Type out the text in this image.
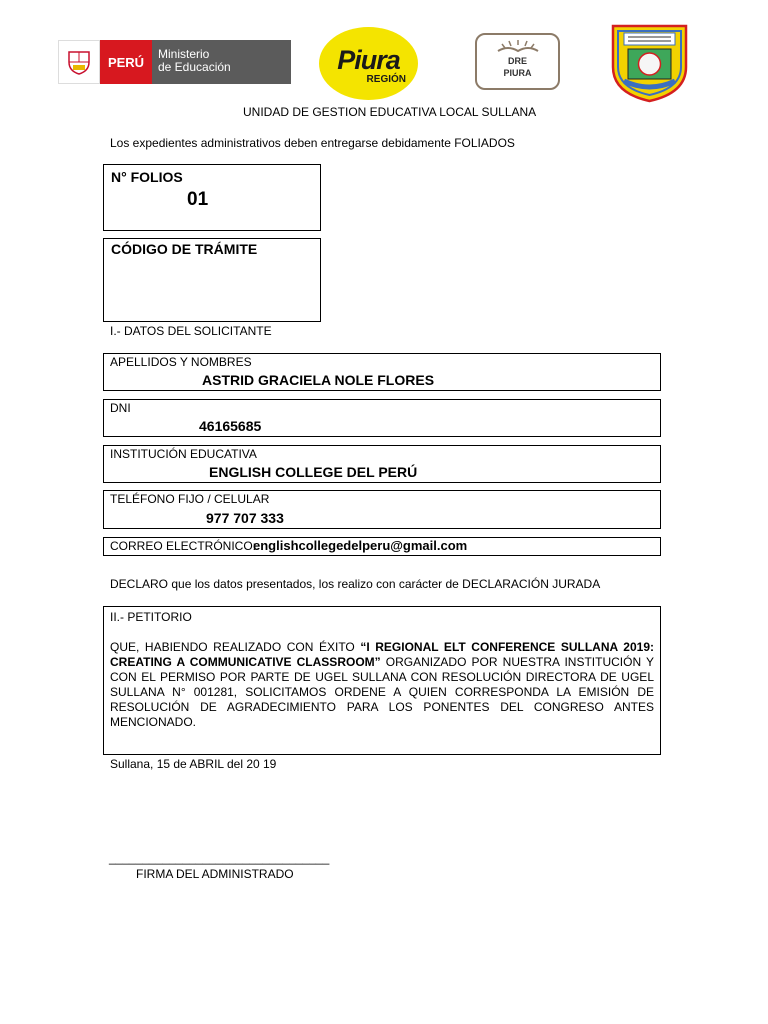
PERÚ
Ministerio
de Educación	Piura
REGIÓN
DRE
PIURA
UNIDAD DE GESTION EDUCATIVA LOCAL SULLANA
Los expedientes administrativos deben entregarse debidamente FOLIADOS
N° FOLIOS
01
CÓDIGO DE TRÁMITE
I.- DATOS DEL SOLICITANTE
APELLIDOS Y NOMBRES
ASTRID GRACIELA NOLE FLORES
DNI
46165685
INSTITUCIÓN EDUCATIVA
ENGLISH COLLEGE DEL PERÚ
TELÉFONO FIJO / CELULAR
977 707 333
CORREO ELECTRÓNICO:
englishcollegedelperu@gmail.com
DECLARO que los datos presentados, los realizo con carácter de DECLARACIÓN JURADA
II.- PETITORIO
QUE, HABIENDO REALIZADO CON ÉXITO “I REGIONAL ELT CONFERENCE SULLANA 2019: CREATING A COMMUNICATIVE CLASSROOM” ORGANIZADO POR NUESTRA INSTITUCIÓN Y CON EL PERMISO POR PARTE DE UGEL SULLANA CON RESOLUCIÓN DIRECTORA DE UGEL SULLANA N° 001281, SOLICITAMOS ORDENE A QUIEN CORRESPONDA LA EMISIÓN DE RESOLUCIÓN DE AGRADECIMIENTO PARA LOS PONENTES DEL CONGRESO ANTES MENCIONADO.
Sullana, 15 de ABRIL del 20 19
_________________________________
FIRMA DEL ADMINISTRADO
